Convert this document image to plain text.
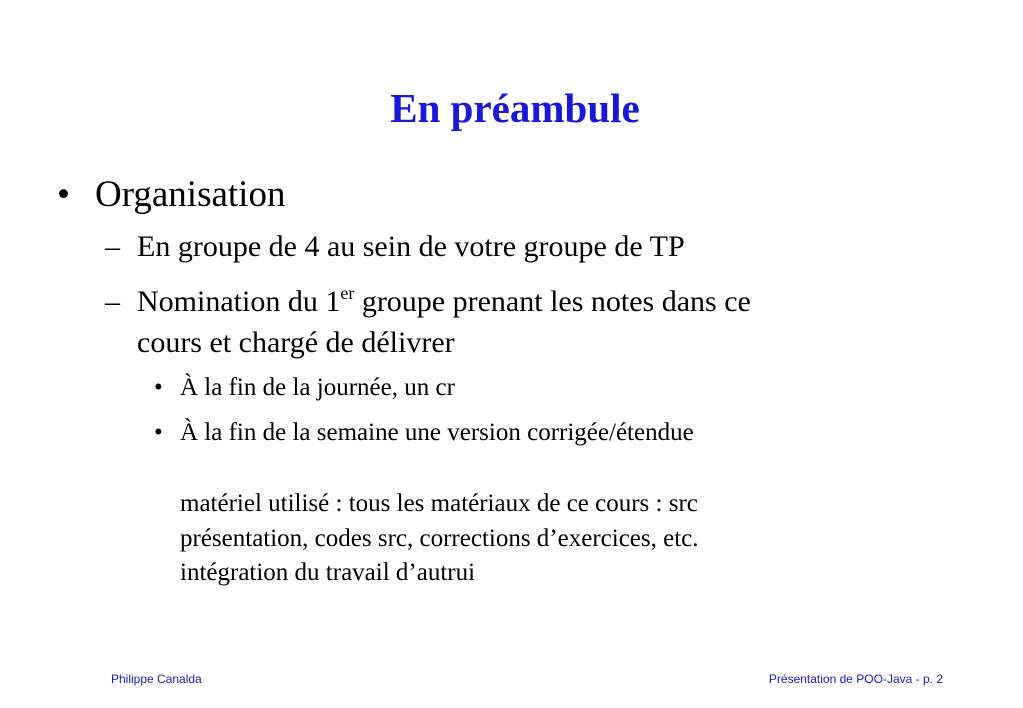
En préambule
• Organisation
– En groupe de 4 au sein de votre groupe de TP
– Nomination du 1er groupe prenant les notes dans ce
cours et chargé de délivrer
• À la fin de la journée, un cr
• À la fin de la semaine une version corrigée/étendue
matériel utilisé : tous les matériaux de ce cours : src
présentation, codes src, corrections d’exercices, etc.
intégration du travail d’autrui
Philippe Canalda	Présentation de POO-Java - p. 2
